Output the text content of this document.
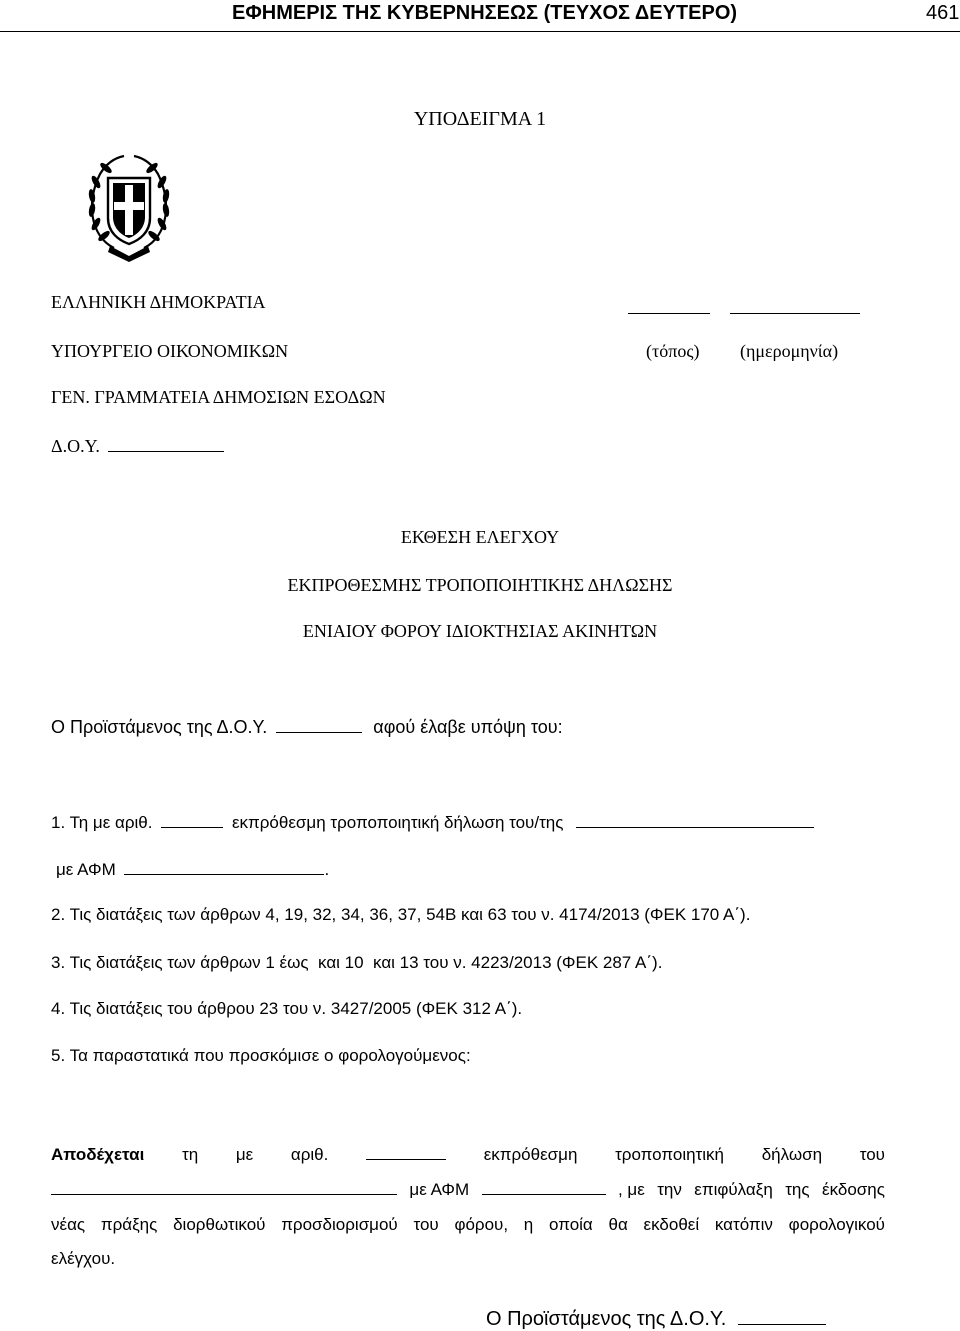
ΕΦΗΜΕΡΙΣ ΤΗΣ ΚΥΒΕΡΝΗΣΕΩΣ (ΤΕΥΧΟΣ ΔΕΥΤΕΡΟ)	461
ΥΠΟΔΕΙΓΜΑ 1
ΕΛΛΗΝΙΚΗ ΔΗΜΟΚΡΑΤΙΑ
ΥΠΟΥΡΓΕΙΟ ΟΙΚΟΝΟΜΙΚΩΝ
ΓΕΝ. ΓΡΑΜΜΑΤΕΙΑ ΔΗΜΟΣΙΩΝ ΕΣΟΔΩΝ
Δ.Ο.Υ.
(τόπος) (ημερομηνία)
ΕΚΘΕΣΗ ΕΛΕΓΧΟΥ
ΕΚΠΡΟΘΕΣΜΗΣ ΤΡΟΠΟΠΟΙΗΤΙΚΗΣ ΔΗΛΩΣΗΣ
ΕΝΙΑΙΟΥ ΦΟΡΟΥ ΙΔΙΟΚΤΗΣΙΑΣ ΑΚΙΝΗΤΩΝ
Ο Προϊστάμενος της Δ.Ο.Υ.	αφού έλαβε υπόψη του:
1. Τη με αριθ.	εκπρόθεσμη τροποποιητική δήλωση του/της
με ΑΦΜ	.
2. Τις διατάξεις των άρθρων 4, 19, 32, 34, 36, 37, 54Β και 63 του ν. 4174/2013 (ΦΕΚ 170 Α΄).
3. Τις διατάξεις των άρθρων 1 έως  και 10  και 13 του ν. 4223/2013 (ΦΕΚ 287 Α΄).
4. Τις διατάξεις του άρθρου 23 του ν. 3427/2005 (ΦΕΚ 312 Α΄).
5. Τα παραστατικά που προσκόμισε ο φορολογούμενος:
Αποδέχεται τη με αριθ.	εκπρόθεσμη τροποποιητική δήλωση του
με ΑΦΜ	, με την επιφύλαξη της έκδοσης
νέας πράξης διορθωτικού προσδιορισμού του φόρου, η οποία θα εκδοθεί κατόπιν φορολογικού
ελέγχου.
Ο Προϊστάμενος της Δ.Ο.Υ.
